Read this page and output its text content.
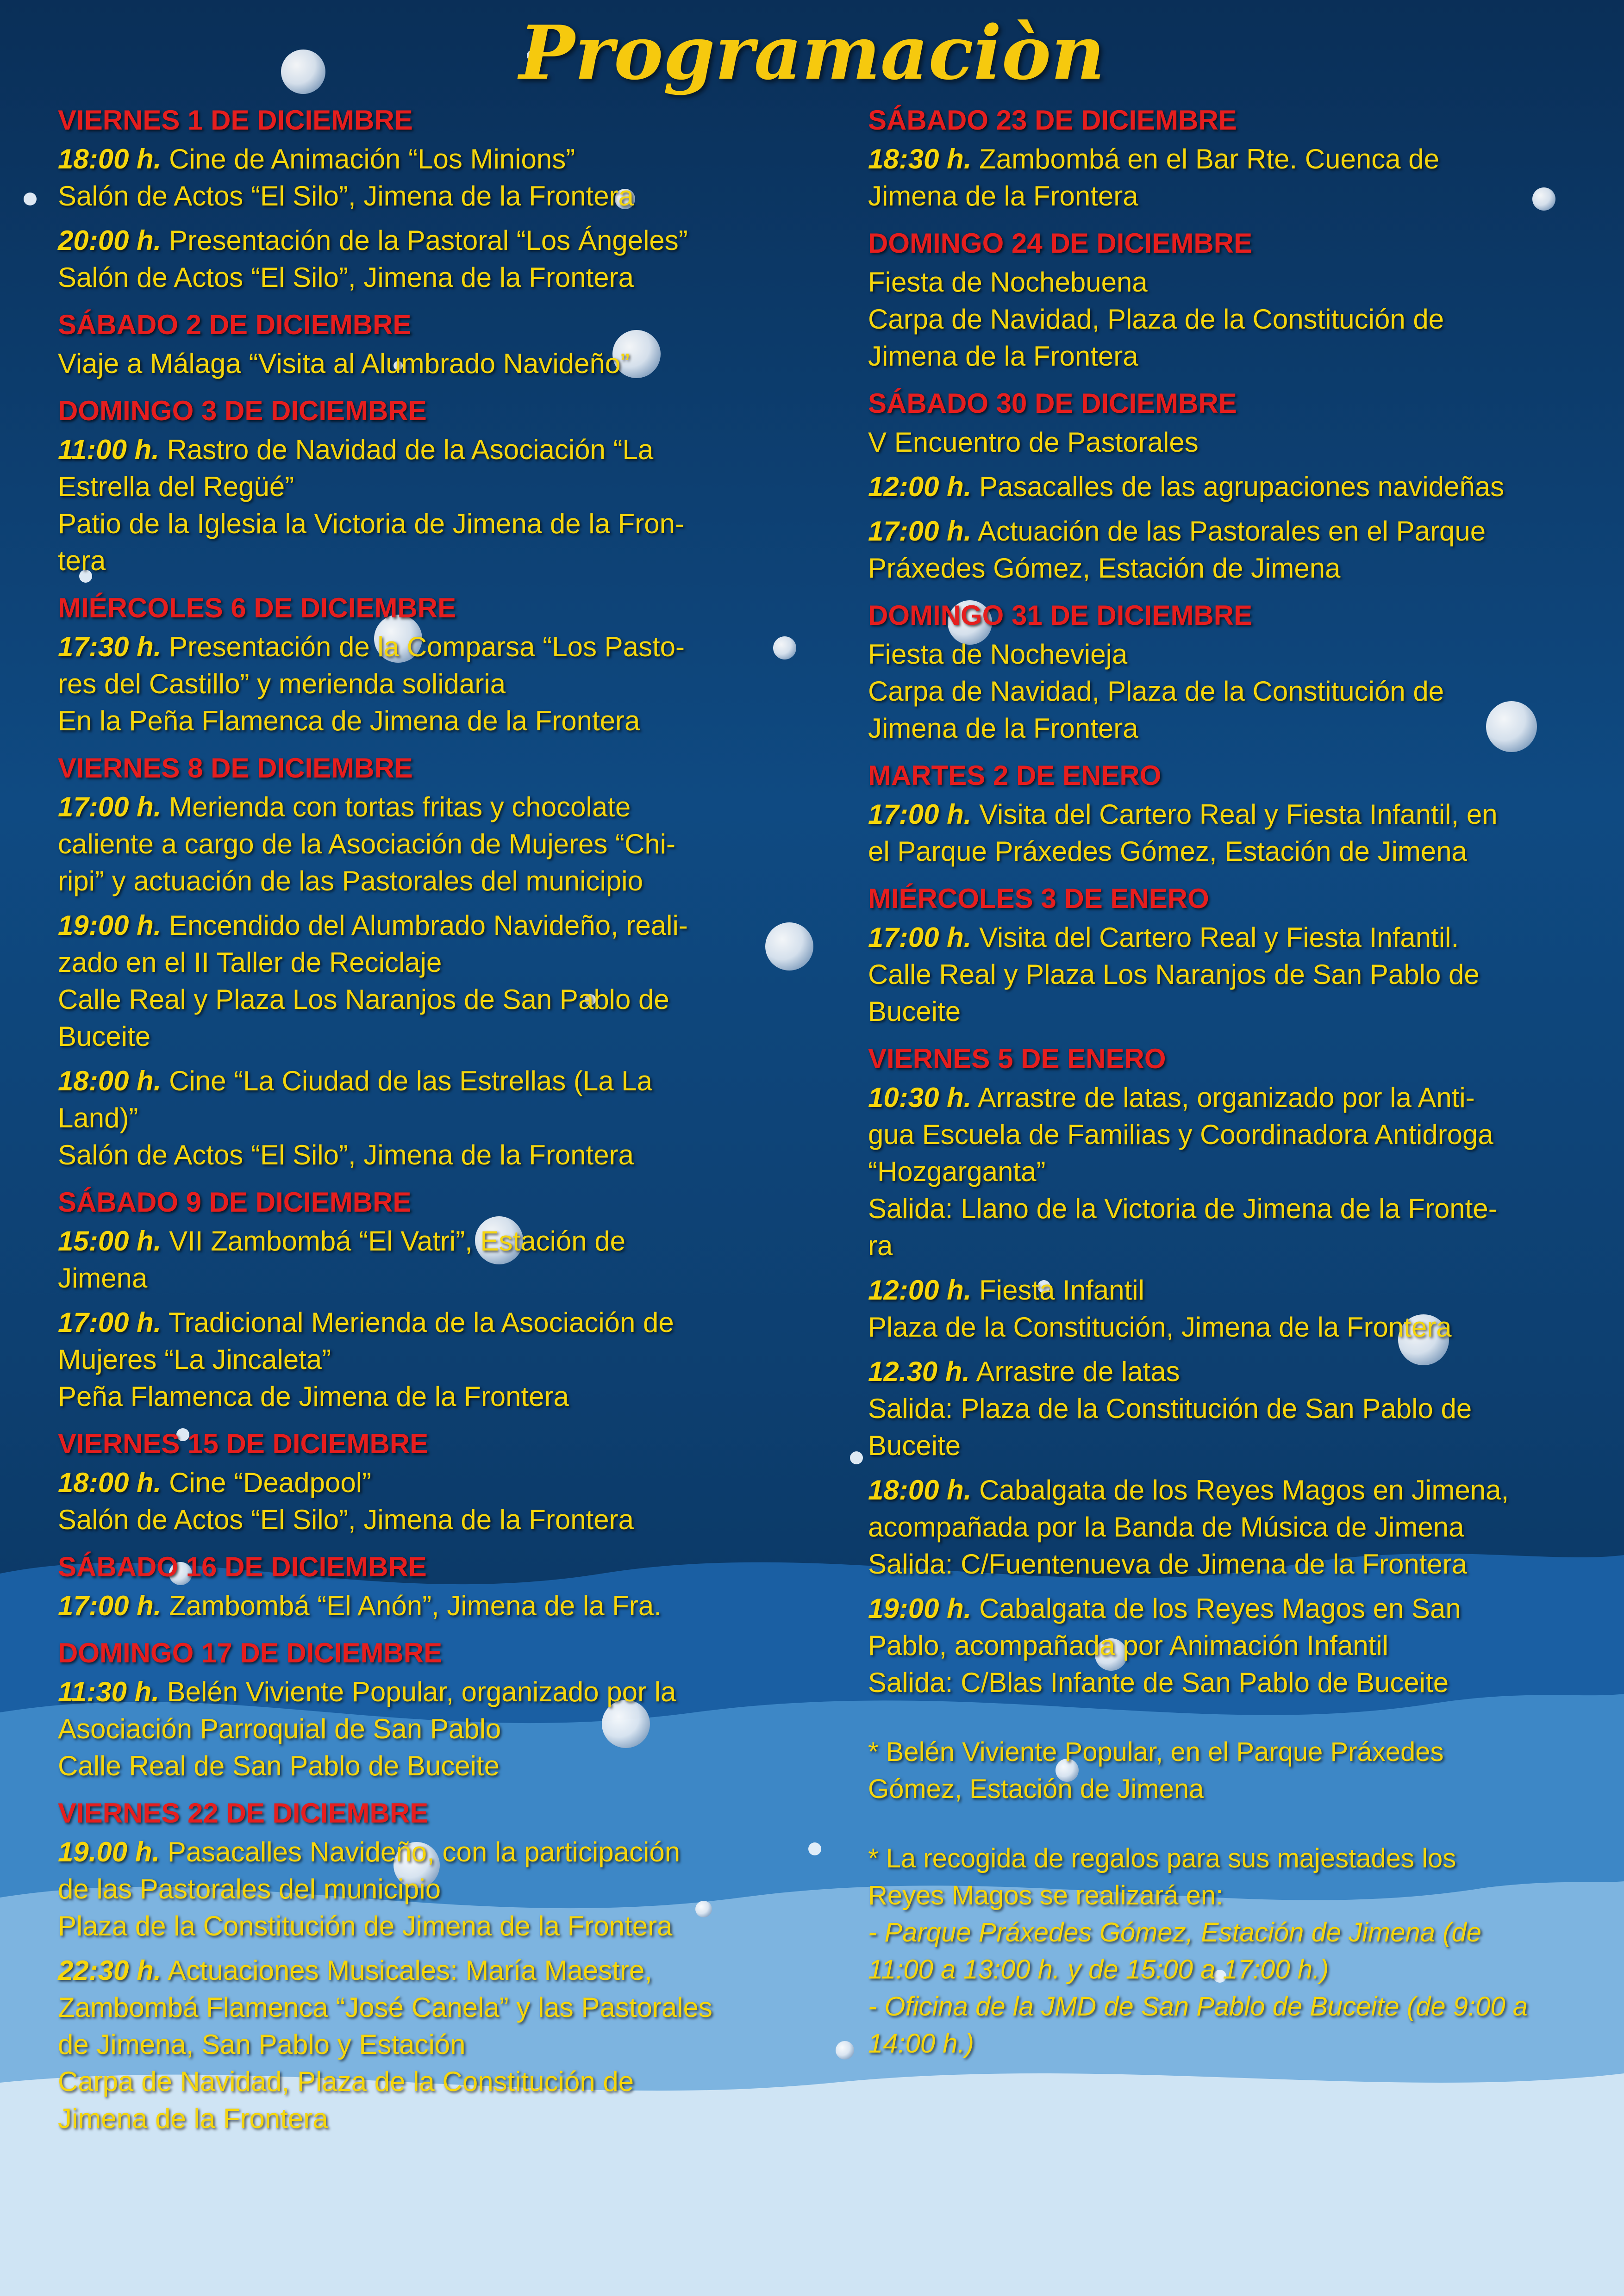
Programaciòn
VIERNES 1 DE DICIEMBRE
18:00 h. Cine de Animación “Los Minions”
Salón de Actos “El Silo”, Jimena de la Frontera
20:00 h. Presentación de la Pastoral “Los Ángeles”
Salón de Actos “El Silo”, Jimena de la Frontera
SÁBADO 2 DE DICIEMBRE
Viaje a Málaga “Visita al Alumbrado Navideño”
DOMINGO 3 DE DICIEMBRE
11:00 h. Rastro de Navidad de la Asociación “La
Estrella del Regüé”
Patio de la Iglesia la Victoria de Jimena de la Fron-
tera
MIÉRCOLES 6 DE DICIEMBRE
17:30 h. Presentación de la Comparsa “Los Pasto-
res del Castillo” y merienda solidaria
En la Peña Flamenca de Jimena de la Frontera
VIERNES 8 DE DICIEMBRE
17:00 h. Merienda con tortas fritas y chocolate
caliente a cargo de la Asociación de Mujeres “Chi-
ripi” y actuación de las Pastorales del municipio
19:00 h. Encendido del Alumbrado Navideño, reali-
zado en el II Taller de Reciclaje
Calle Real y Plaza Los Naranjos de San Pablo de
Buceite
18:00 h. Cine “La Ciudad de las Estrellas (La La
Land)”
Salón de Actos “El Silo”, Jimena de la Frontera
SÁBADO 9 DE DICIEMBRE
15:00 h. VII Zambombá “El Vatri”, Estación de
Jimena
17:00 h. Tradicional Merienda de la Asociación de
Mujeres “La Jincaleta”
Peña Flamenca de Jimena de la Frontera
VIERNES 15 DE DICIEMBRE
18:00 h. Cine “Deadpool”
Salón de Actos “El Silo”, Jimena de la Frontera
SÁBADO 16 DE DICIEMBRE
17:00 h. Zambombá “El Anón”, Jimena de la Fra.
DOMINGO 17 DE DICIEMBRE
11:30 h. Belén Viviente Popular, organizado por la
Asociación Parroquial de San Pablo
Calle Real de San Pablo de Buceite
VIERNES 22 DE DICIEMBRE
19.00 h. Pasacalles Navideño, con la participación
de las Pastorales del municipio
Plaza de la Constitución de Jimena de la Frontera
22:30 h. Actuaciones Musicales: María Maestre,
Zambombá Flamenca “José Canela” y las Pastorales
de Jimena, San Pablo y Estación
Carpa de Navidad, Plaza de la Constitución de
Jimena de la Frontera
SÁBADO 23 DE DICIEMBRE
18:30 h. Zambombá en el Bar Rte. Cuenca de
Jimena de la Frontera
DOMINGO 24 DE DICIEMBRE
Fiesta de Nochebuena
Carpa de Navidad, Plaza de la Constitución de
Jimena de la Frontera
SÁBADO 30 DE DICIEMBRE
V Encuentro de Pastorales
12:00 h. Pasacalles de las agrupaciones navideñas
17:00 h. Actuación de las Pastorales en el Parque
Práxedes Gómez, Estación de Jimena
DOMINGO 31 DE DICIEMBRE
Fiesta de Nochevieja
Carpa de Navidad, Plaza de la Constitución de
Jimena de la Frontera
MARTES 2 DE ENERO
17:00 h. Visita del Cartero Real y Fiesta Infantil, en
el Parque Práxedes Gómez, Estación de Jimena
MIÉRCOLES 3 DE ENERO
17:00 h. Visita del Cartero Real y Fiesta Infantil.
Calle Real y Plaza Los Naranjos de San Pablo de
Buceite
VIERNES 5 DE ENERO
10:30 h. Arrastre de latas, organizado por la Anti-
gua Escuela de Familias y Coordinadora Antidroga
“Hozgarganta”
Salida: Llano de la Victoria de Jimena de la Fronte-
ra
12:00 h. Fiesta Infantil
Plaza de la Constitución, Jimena de la Frontera
12.30 h. Arrastre de latas
Salida: Plaza de la Constitución de San Pablo de
Buceite
18:00 h. Cabalgata de los Reyes Magos en Jimena,
acompañada por la Banda de Música de Jimena
Salida: C/Fuentenueva de Jimena de la Frontera
19:00 h. Cabalgata de los Reyes Magos en San
Pablo, acompañada por Animación Infantil
Salida: C/Blas Infante de San Pablo de Buceite
* Belén Viviente Popular, en el Parque Práxedes
Gómez, Estación de Jimena
* La recogida de regalos para sus majestades los
Reyes Magos se realizará en:
- Parque Práxedes Gómez, Estación de Jimena (de
11:00 a 13:00 h. y de 15:00 a 17:00 h.)
- Oficina de la JMD de San Pablo de Buceite (de 9:00 a
14:00 h.)
